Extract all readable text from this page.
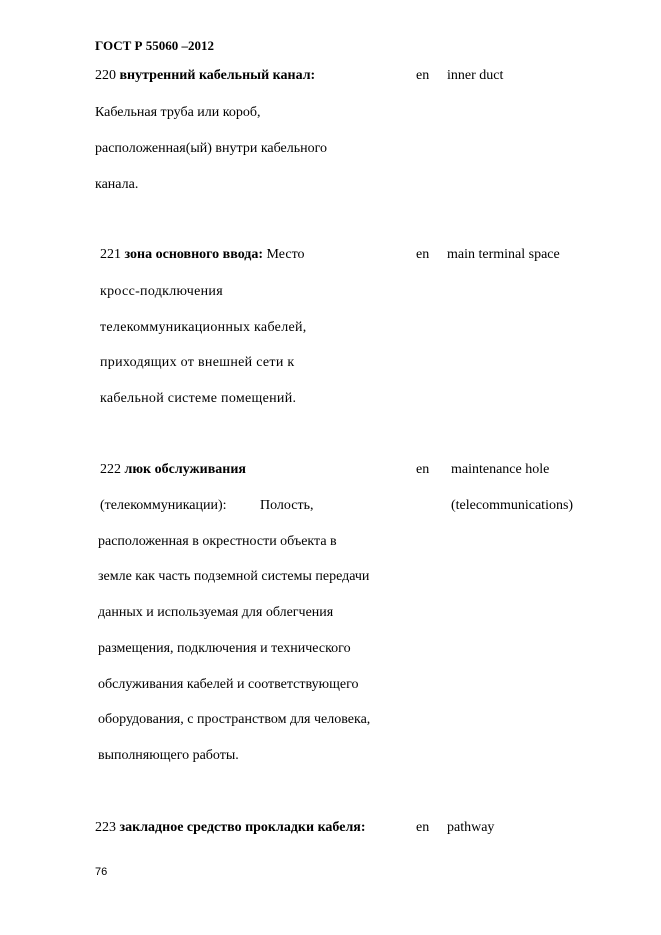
ГОСТ Р 55060 –2012
220 внутренний кабельный канал:	en inner duct
Кабельная труба или короб,
расположенная(ый) внутри кабельного
канала.
221 зона основного ввода: Место	en main terminal space
кросс-подключения
телекоммуникационных кабелей,
приходящих от внешней сети к
кабельной системе помещений.
222 люк обслуживания	en maintenance hole
(телекоммуникации): Полость,	(telecommunications)
расположенная в окрестности объекта в
земле как часть подземной системы передачи
данных и используемая для облегчения
размещения, подключения и технического
обслуживания кабелей и соответствующего
оборудования, с пространством для человека,
выполняющего работы.
223 закладное средство прокладки кабеля:	en pathway
76
